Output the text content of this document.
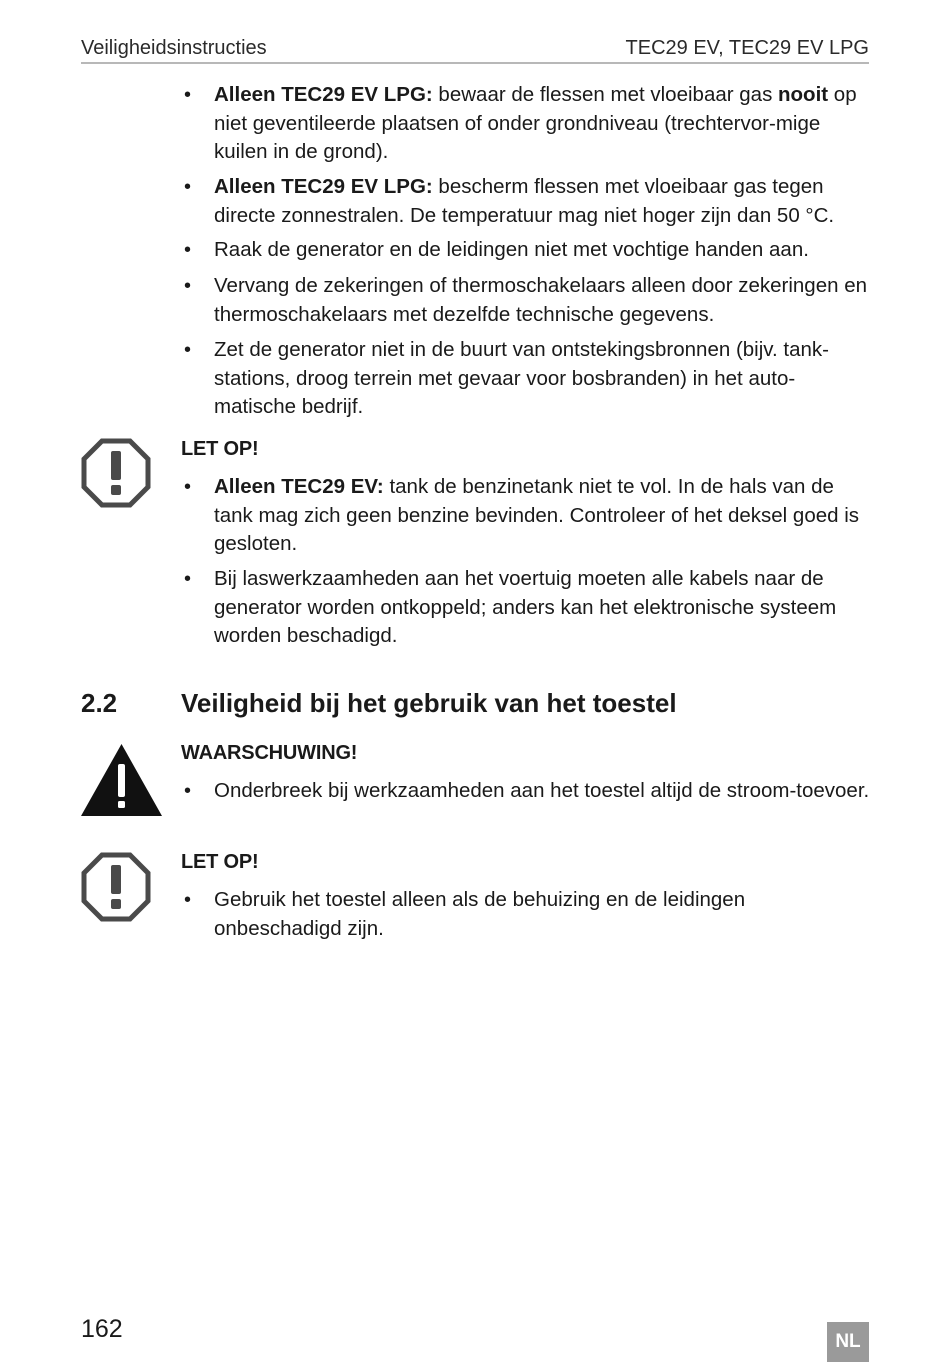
Veiligheidsinstructies	TEC29 EV, TEC29 EV LPG
• Alleen TEC29 EV LPG: bewaar de flessen met vloeibaar gas nooit op niet geventileerde plaatsen of onder grondniveau (trechtervor-mige kuilen in de grond).
• Alleen TEC29 EV LPG: bescherm flessen met vloeibaar gas tegen directe zonnestralen. De temperatuur mag niet hoger zijn dan 50 °C.
• Raak de generator en de leidingen niet met vochtige handen aan.
• Vervang de zekeringen of thermoschakelaars alleen door zekeringen en thermoschakelaars met dezelfde technische gegevens.
• Zet de generator niet in de buurt van ontstekingsbronnen (bijv. tank-stations, droog terrein met gevaar voor bosbranden) in het auto-matische bedrijf.
LET OP!
• Alleen TEC29 EV: tank de benzinetank niet te vol. In de hals van de tank mag zich geen benzine bevinden. Controleer of het deksel goed is gesloten.
• Bij laswerkzaamheden aan het voertuig moeten alle kabels naar de generator worden ontkoppeld; anders kan het elektronische systeem worden beschadigd.
2.2	Veiligheid bij het gebruik van het toestel
WAARSCHUWING!
• Onderbreek bij werkzaamheden aan het toestel altijd de stroom-toevoer.
LET OP!
• Gebruik het toestel alleen als de behuizing en de leidingen onbeschadigd zijn.
162	NL
